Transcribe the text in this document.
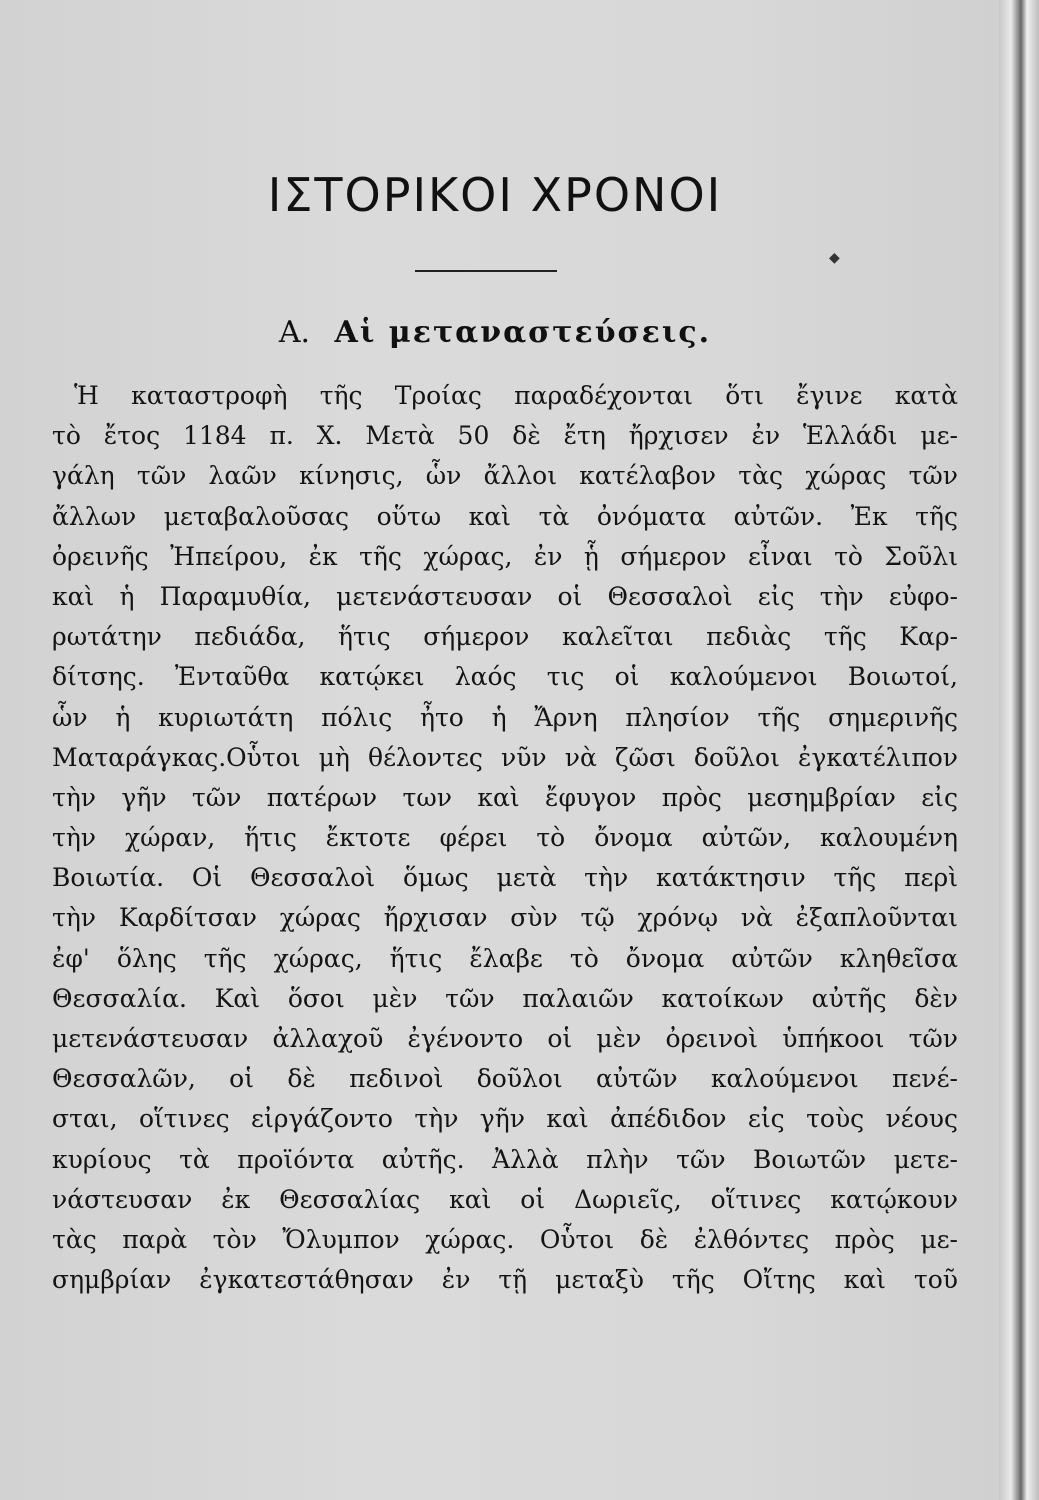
ΙΣΤΟΡΙΚΟΙ ΧΡΟΝΟΙ
◆
Α. Αἱ μεταναστεύσεις.
Ἡ καταστροφὴ τῆς Τροίας παραδέχονται ὅτι ἔγινε κατὰ
τὸ ἔτος 1184 π. Χ. Μετὰ 50 δὲ ἔτη ἤρχισεν ἐν Ἑλλάδι με-
γάλη τῶν λαῶν κίνησις, ὧν ἄλλοι κατέλαβον τὰς χώρας τῶν
ἄλλων μεταβαλοῦσας οὕτω καὶ τὰ ὀνόματα αὐτῶν. Ἐκ τῆς
ὀρεινῆς Ἠπείρου, ἐκ τῆς χώρας, ἐν ᾗ σήμερον εἶναι τὸ Σοῦλι
καὶ ἡ Παραμυθία, μετενάστευσαν οἱ Θεσσαλοὶ εἰς τὴν εὐφο-
ρωτάτην πεδιάδα, ἥτις σήμερον καλεῖται πεδιὰς τῆς Καρ-
δίτσης. Ἐνταῦθα κατῴκει λαός τις οἱ καλούμενοι Βοιωτοί,
ὧν ἡ κυριωτάτη πόλις ἦτο ἡ Ἄρνη πλησίον τῆς σημερινῆς
Ματαράγκας.Οὗτοι μὴ θέλοντες νῦν νὰ ζῶσι δοῦλοι ἐγκατέλιπον
τὴν γῆν τῶν πατέρων των καὶ ἔφυγον πρὸς μεσημβρίαν εἰς
τὴν χώραν, ἥτις ἔκτοτε φέρει τὸ ὄνομα αὐτῶν, καλουμένη
Βοιωτία. Οἱ Θεσσαλοὶ ὅμως μετὰ τὴν κατάκτησιν τῆς περὶ
τὴν Καρδίτσαν χώρας ἤρχισαν σὺν τῷ χρόνῳ νὰ ἐξαπλοῦνται
ἐφ' ὅλης τῆς χώρας, ἥτις ἔλαβε τὸ ὄνομα αὐτῶν κληθεῖσα
Θεσσαλία. Καὶ ὅσοι μὲν τῶν παλαιῶν κατοίκων αὐτῆς δὲν
μετενάστευσαν ἀλλαχοῦ ἐγένοντο οἱ μὲν ὀρεινοὶ ὑπήκοοι τῶν
Θεσσαλῶν, οἱ δὲ πεδινοὶ δοῦλοι αὐτῶν καλούμενοι πενέ-
σται, οἵτινες εἰργάζοντο τὴν γῆν καὶ ἀπέδιδον εἰς τοὺς νέους
κυρίους τὰ προϊόντα αὐτῆς. Ἀλλὰ πλὴν τῶν Βοιωτῶν μετε-
νάστευσαν ἐκ Θεσσαλίας καὶ οἱ Δωριεῖς, οἵτινες κατῴκουν
τὰς παρὰ τὸν Ὄλυμπον χώρας. Οὗτοι δὲ ἐλθόντες πρὸς με-
σημβρίαν ἐγκατεστάθησαν ἐν τῇ μεταξὺ τῆς Οἴτης καὶ τοῦ
